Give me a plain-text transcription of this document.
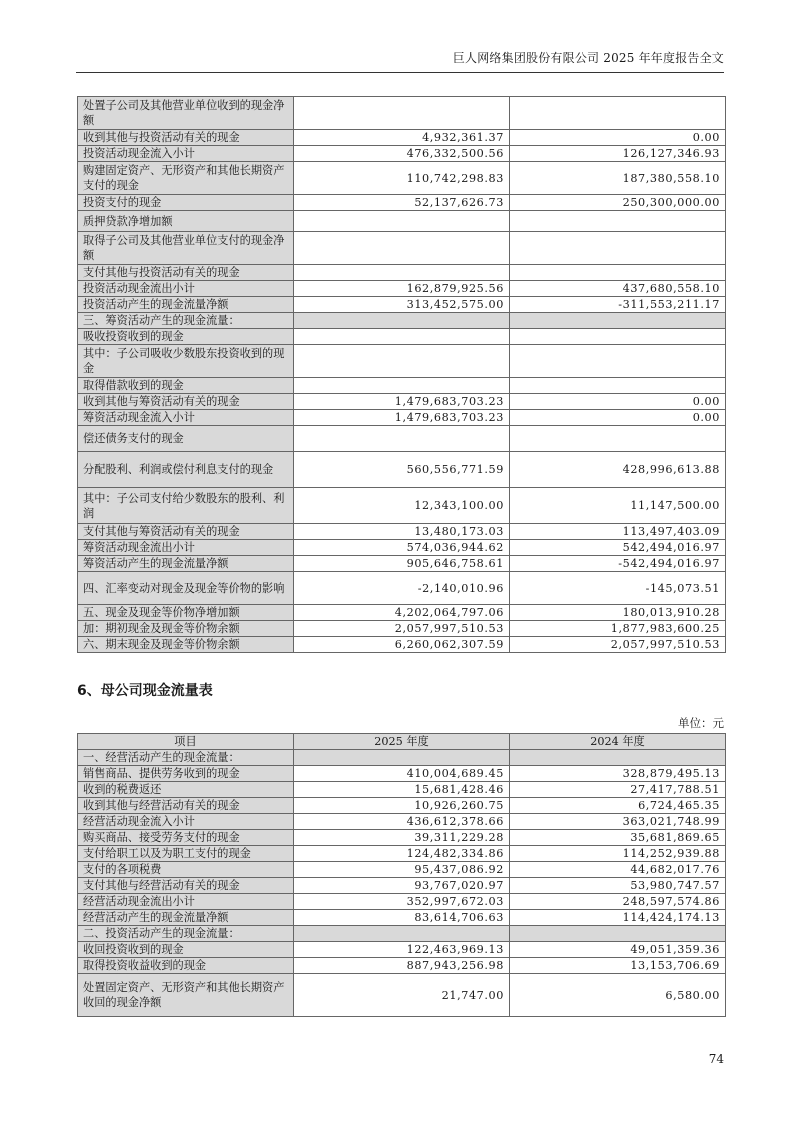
巨人网络集团股份有限公司 2025 年年度报告全文
处置子公司及其他营业单位收到的现金净额		
收到其他与投资活动有关的现金	4,932,361.37	0.00
投资活动现金流入小计	476,332,500.56	126,127,346.93
购建固定资产、无形资产和其他长期资产支付的现金	110,742,298.83	187,380,558.10
投资支付的现金	52,137,626.73	250,300,000.00
质押贷款净增加额		
取得子公司及其他营业单位支付的现金净额		
支付其他与投资活动有关的现金		
投资活动现金流出小计	162,879,925.56	437,680,558.10
投资活动产生的现金流量净额	313,452,575.00	-311,553,211.17
三、筹资活动产生的现金流量：		
吸收投资收到的现金		
其中：子公司吸收少数股东投资收到的现金		
取得借款收到的现金		
收到其他与筹资活动有关的现金	1,479,683,703.23	0.00
筹资活动现金流入小计	1,479,683,703.23	0.00
偿还债务支付的现金		
分配股利、利润或偿付利息支付的现金	560,556,771.59	428,996,613.88
其中：子公司支付给少数股东的股利、利润	12,343,100.00	11,147,500.00
支付其他与筹资活动有关的现金	13,480,173.03	113,497,403.09
筹资活动现金流出小计	574,036,944.62	542,494,016.97
筹资活动产生的现金流量净额	905,646,758.61	-542,494,016.97
四、汇率变动对现金及现金等价物的影响	-2,140,010.96	-145,073.51
五、现金及现金等价物净增加额	4,202,064,797.06	180,013,910.28
加：期初现金及现金等价物余额	2,057,997,510.53	1,877,983,600.25
六、期末现金及现金等价物余额	6,260,062,307.59	2,057,997,510.53
6、母公司现金流量表
单位：元
项目	2025 年度	2024 年度
一、经营活动产生的现金流量：		
销售商品、提供劳务收到的现金	410,004,689.45	328,879,495.13
收到的税费返还	15,681,428.46	27,417,788.51
收到其他与经营活动有关的现金	10,926,260.75	6,724,465.35
经营活动现金流入小计	436,612,378.66	363,021,748.99
购买商品、接受劳务支付的现金	39,311,229.28	35,681,869.65
支付给职工以及为职工支付的现金	124,482,334.86	114,252,939.88
支付的各项税费	95,437,086.92	44,682,017.76
支付其他与经营活动有关的现金	93,767,020.97	53,980,747.57
经营活动现金流出小计	352,997,672.03	248,597,574.86
经营活动产生的现金流量净额	83,614,706.63	114,424,174.13
二、投资活动产生的现金流量：		
收回投资收到的现金	122,463,969.13	49,051,359.36
取得投资收益收到的现金	887,943,256.98	13,153,706.69
处置固定资产、无形资产和其他长期资产收回的现金净额	21,747.00	6,580.00
74
